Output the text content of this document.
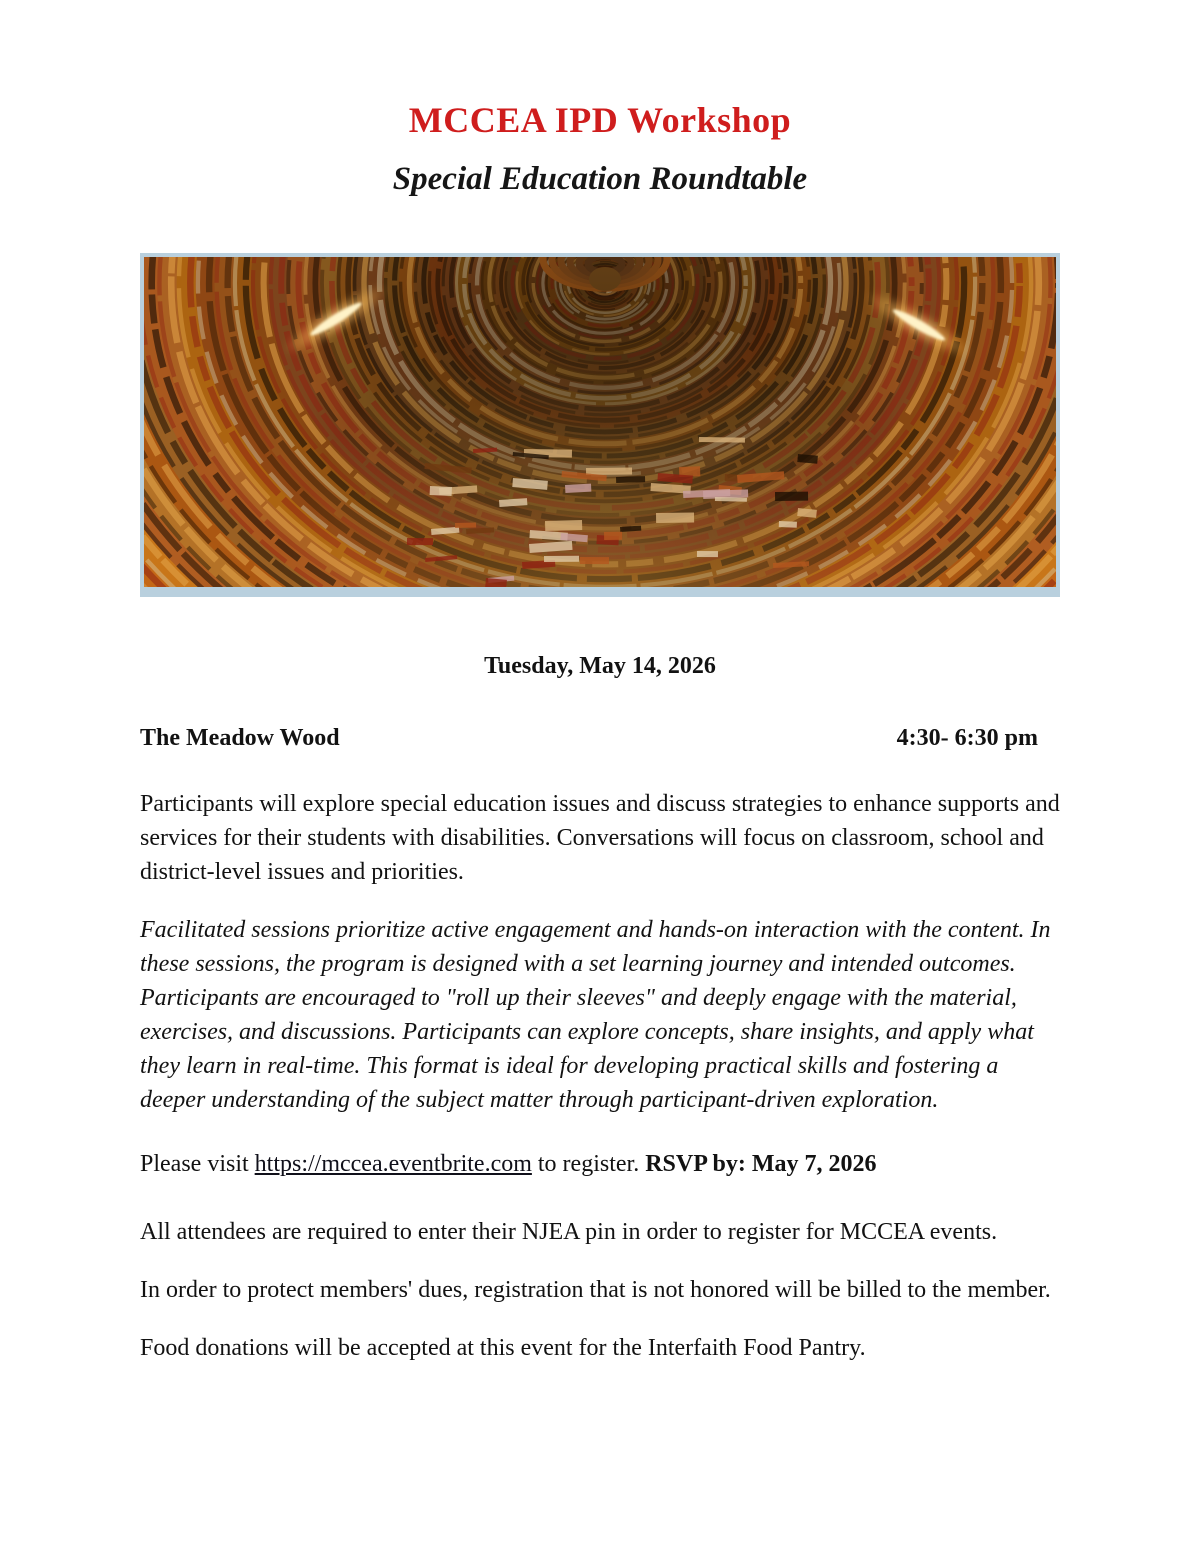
MCCEA IPD Workshop
Special Education Roundtable

Tuesday, May 14, 2026

The Meadow Wood	4:30- 6:30 pm

Participants will explore special education issues and discuss strategies to enhance supports and services for their students with disabilities. Conversations will focus on classroom, school and district-level issues and priorities.

Facilitated sessions prioritize active engagement and hands-on interaction with the content. In these sessions, the program is designed with a set learning journey and intended outcomes. Participants are encouraged to "roll up their sleeves" and deeply engage with the material, exercises, and discussions. Participants can explore concepts, share insights, and apply what they learn in real-time. This format is ideal for developing practical skills and fostering a deeper understanding of the subject matter through participant-driven exploration.

Please visit https://mccea.eventbrite.com to register. RSVP by: May 7, 2026

All attendees are required to enter their NJEA pin in order to register for MCCEA events.

In order to protect members' dues, registration that is not honored will be billed to the member.

Food donations will be accepted at this event for the Interfaith Food Pantry.
